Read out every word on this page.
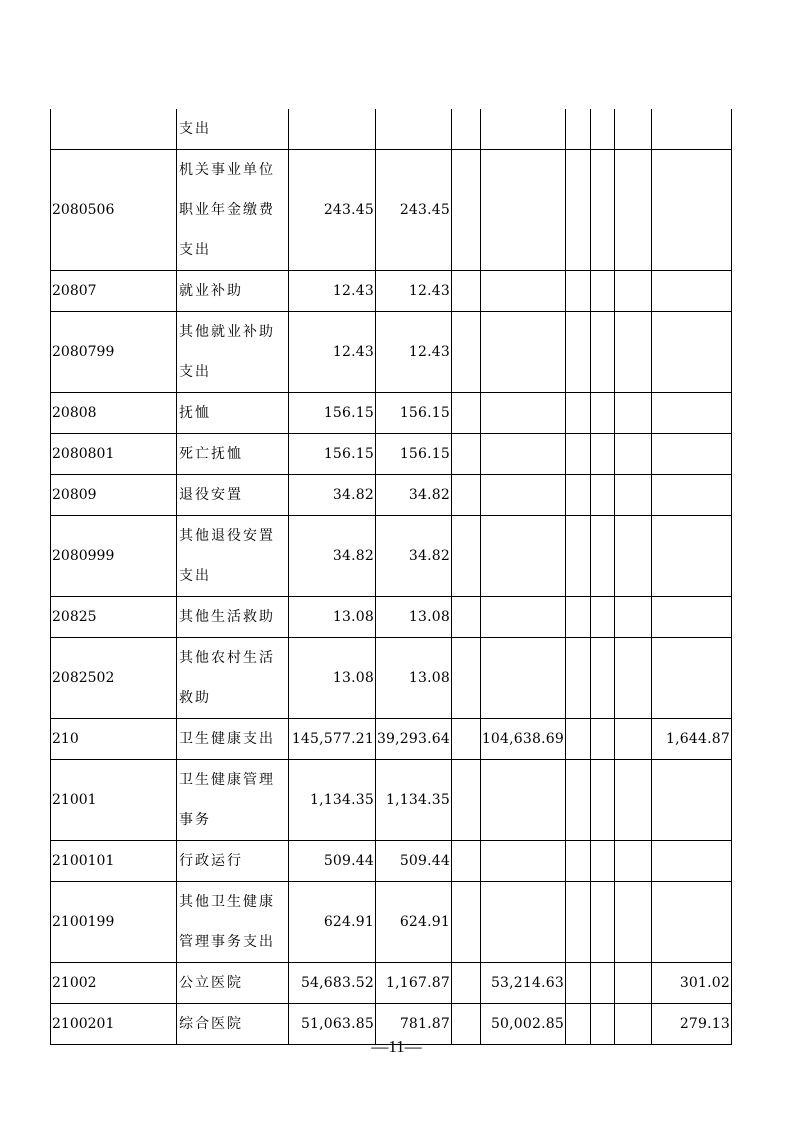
	支出								
2080506	机关事业单位职业年金缴费支出	243.45	243.45						
20807	就业补助	12.43	12.43						
2080799	其他就业补助支出	12.43	12.43						
20808	抚恤	156.15	156.15						
2080801	死亡抚恤	156.15	156.15						
20809	退役安置	34.82	34.82						
2080999	其他退役安置支出	34.82	34.82						
20825	其他生活救助	13.08	13.08						
2082502	其他农村生活救助	13.08	13.08						
210	卫生健康支出	145,577.21	39,293.64		104,638.69				1,644.87
21001	卫生健康管理事务	1,134.35	1,134.35						
2100101	行政运行	509.44	509.44						
2100199	其他卫生健康管理事务支出	624.91	624.91						
21002	公立医院	54,683.52	1,167.87		53,214.63				301.02
2100201	综合医院	51,063.85	781.87		50,002.85				279.13
—11—
